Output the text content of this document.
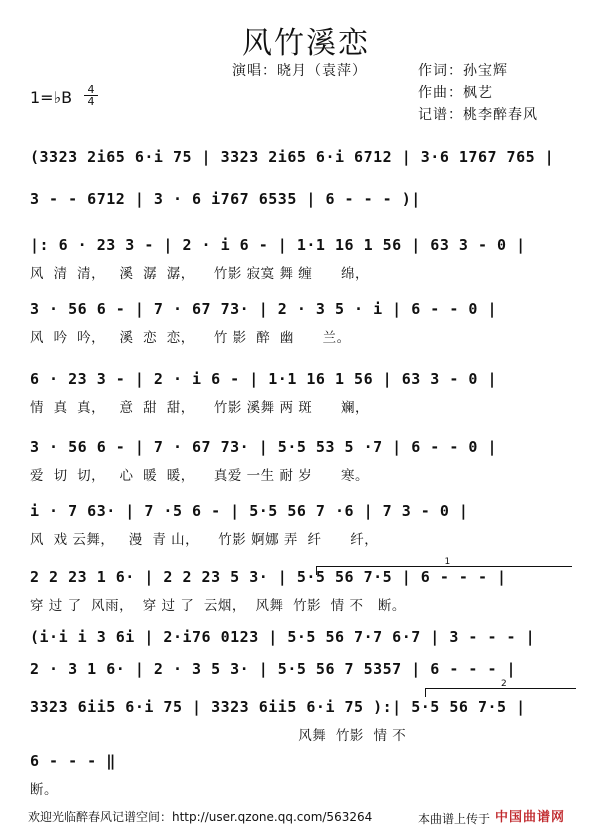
风竹溪恋
演唱：晓月（袁萍）	作词：孙宝辉
作曲：枫艺
记谱：桃李醉春风
1=♭B $\frac{4}{4}$
(3323 2i65 6·i 75 | 3323 2i65 6·i 6712 | 3·6 1767 765 |
3 - - 6712 | 3 · 6 i767 6535 | 6 - - - )|
|: 6 · 23 3 - | 2 · i 6 - | 1·1 16 1 56 | 63 3 - 0 |
风  清  清，   溪  潺  潺，    竹影 寂寞 舞 缠      绵，
3 · 56 6 - | 7 · 67 73· | 2 · 3 5 · i | 6 - - 0 |
风  吟  吟，   溪  恋  恋，    竹 影  醉  幽      兰。
6 · 23 3 - | 2 · i 6 - | 1·1 16 1 56 | 63 3 - 0 |
情  真  真，   意  甜  甜，    竹影 溪舞 两 斑      斓，
3 · 56 6 - | 7 · 67 73· | 5·5 53 5 ·7 | 6 - - 0 |
爱  切  切，   心  暖  暖，    真爱 一生 耐 岁      寒。
i · 7 63· | 7 ·5 6 - | 5·5 56 7 ·6 | 7 3 - 0 |
风  戏 云舞，   漫  青 山，    竹影 婀娜 弄  纤      纤，
2 2 23 1 6· | 2 2 23 5 3· | 5·5 56 7·5 | 6 - - - |
穿 过 了  风雨，  穿 过 了  云烟，  风舞  竹影  情 不   断。
(i·i i 3 6i | 2·i76 0123 | 5·5 56 7·7 6·7 | 3 - - - |
2 · 3 1 6· | 2 · 3 5 3· | 5·5 56 7 5357 | 6 - - - |
3323 6ii5 6·i 75 | 3323 6ii5 6·i 75 ):| 5·5 56 7·5 |
风舞  竹影  情 不
6 - - - ‖
断。
1
2
欢迎光临醉春风记谱空间：http://user.qzone.qq.com/563264	本曲谱上传于 中国曲谱网
